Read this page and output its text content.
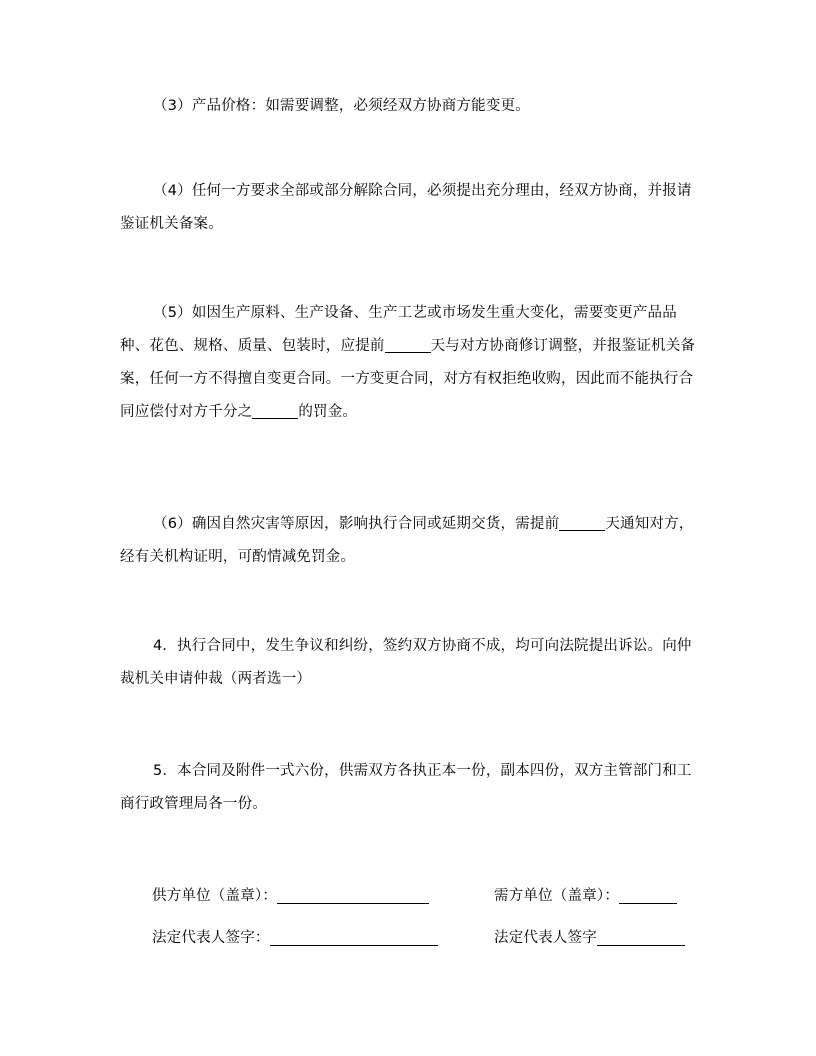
（3）产品价格：如需要调整，必须经双方协商方能变更。

（4）任何一方要求全部或部分解除合同，必须提出充分理由，经双方协商，并报请鉴证机关备案。

（5）如因生产原料、生产设备、生产工艺或市场发生重大变化，需要变更产品品种、花色、规格、质量、包装时，应提前	天与对方协商修订调整，并报鉴证机关备案，任何一方不得擅自变更合同。一方变更合同，对方有权拒绝收购，因此而不能执行合同应偿付对方千分之	的罚金。

（6）确因自然灾害等原因，影响执行合同或延期交货，需提前	天通知对方，经有关机构证明，可酌情减免罚金。

4．执行合同中，发生争议和纠纷，签约双方协商不成，均可向法院提出诉讼。向仲裁机关申请仲裁（两者选一）

5．本合同及附件一式六份，供需双方各执正本一份，副本四份，双方主管部门和工商行政管理局各一份。

供方单位（盖章）：	需方单位（盖章）：
法定代表人签字：	法定代表人签字
